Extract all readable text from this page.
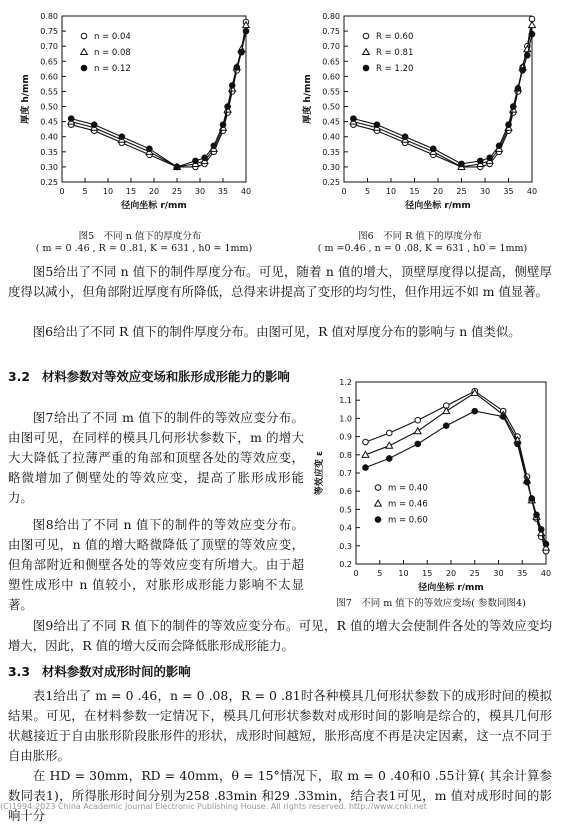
0 5 10 15 20 25 30 35 40
0.25
0.30
0.35
0.40
0.45
0.50
0.55
0.60
0.65
0.70
0.75
0.80
径向坐标 r/mm
厚度 h/mm
n = 0.04
n = 0.08
n = 0.12
图5　不同 n 值下的厚度分布
( m = 0 .46 , R = 0 .81, K = 631 , h0 = 1mm)
0 5 10 15 20 25 30 35 40
0.25
0.30
0.35
0.40
0.45
0.50
0.55
0.60
0.65
0.70
0.75
0.80
径向坐标 r/mm
厚度 h/mm
R = 0.60
R = 0.81
R = 1.20
图6　不同 R 值下的厚度分布
( m =0.46 , n = 0 .08, K = 631 , h0 = 1mm)
图5给出了不同 n 值下的制件厚度分布。可见，随着 n 值的增大，顶壁厚度得以提高，侧壁厚度得以减小，但角部附近厚度有所降低，总得来讲提高了变形的均匀性，但作用远不如 m 值显著。
图6给出了不同 R 值下的制件厚度分布。由图可见，R 值对厚度分布的影响与 n 值类似。
3.2 材料参数对等效应变场和胀形成形能力的影响
图7给出了不同 m 值下的制件的等效应变分布。由图可见，在同样的模具几何形状参数下，m 的增大大大降低了拉薄严重的角部和顶壁各处的等效应变，略微增加了侧壁处的等效应变，提高了胀形成形能力。
图8给出了不同 n 值下的制件的等效应变分布。由图可见，n 值的增大略微降低了顶壁的等效应变，但角部附近和侧壁各处的等效应变有所增大。由于超塑性成形中 n 值较小，对胀形成形能力影响不太显著。
0 5 10 15 20 25 30 35 40
0.2
0.3
0.4
0.5
0.6
0.7
0.8
0.9
1.0
1.1
1.2
径向坐标 r/mm
等效应变 ε	m = 0.40
m = 0.46
m = 0.60
图7　不同 m 值下的等效应变场( 参数同图4)
图9给出了不同 R 值下的制件的等效应变分布。可见，R 值的增大会使制件各处的等效应变均增大，因此，R 值的增大反而会降低胀形成形能力。
3.3 材料参数对成形时间的影响
表1给出了 m = 0 .46，n = 0 .08，R = 0 .81时各种模具几何形状参数下的成形时间的模拟结果。可见，在材料参数一定情况下，模具几何形状参数对成形时间的影响是综合的，模具几何形状越接近于自由胀形阶段胀形件的形状，成形时间越短，胀形高度不再是决定因素，这一点不同于自由胀形。
在 HD = 30mm，RD = 40mm，θ = 15°情况下，取 m = 0 .40和0 .55计算( 其余计算参数同表1)，所得胀形时间分别为258 .83min 和29 .33min，结合表1可见，m 值对成形时间的影响十分
(C)1994-2023 China Academic Journal Electronic Publishing House. All rights reserved. http://www.cnki.net
